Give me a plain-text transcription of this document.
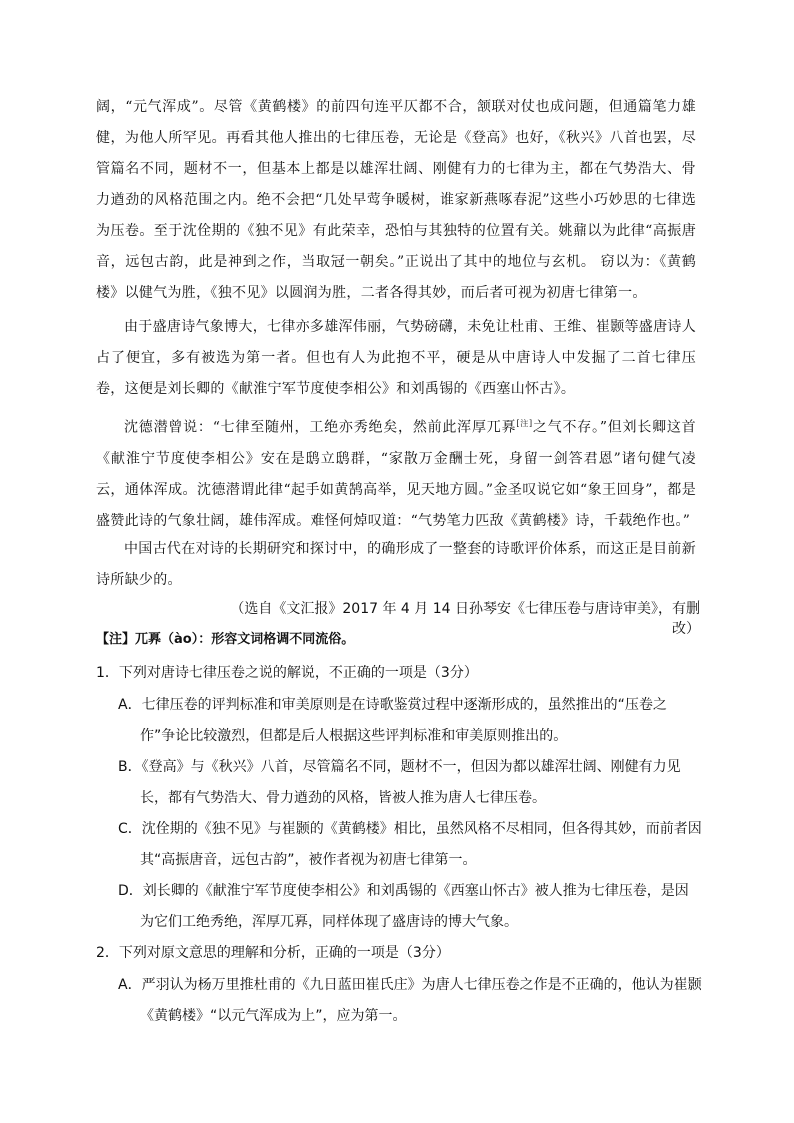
阔，“元气浑成”。尽管《黄鹤楼》的前四句连平仄都不合，颔联对仗也成问题，但通篇笔力雄健，为他人所罕见。再看其他人推出的七律压卷，无论是《登高》也好，《秋兴》八首也罢，尽管篇名不同，题材不一，但基本上都是以雄浑壮阔、刚健有力的七律为主，都在气势浩大、骨力遒劲的风格范围之内。绝不会把“几处早莺争暖树，谁家新燕啄春泥”这些小巧妙思的七律选为压卷。至于沈佺期的《独不见》有此荣幸，恐怕与其独特的位置有关。姚鼐以为此律“高振唐音，远包古韵，此是神到之作，当取冠一朝矣。”正说出了其中的地位与玄机。 窃以为：《黄鹤楼》以健气为胜，《独不见》以圆润为胜，二者各得其妙，而后者可视为初唐七律第一。
由于盛唐诗气象博大，七律亦多雄浑伟丽，气势磅礴，未免让杜甫、王维、崔颢等盛唐诗人占了便宜，多有被选为第一者。但也有人为此抱不平，硬是从中唐诗人中发掘了二首七律压卷，这便是刘长卿的《献淮宁军节度使李相公》和刘禹锡的《西塞山怀古》。
沈德潜曾说：“七律至随州，工绝亦秀绝矣，然前此浑厚兀奡[注]之气不存。”但刘长卿这首《献淮宁节度使李相公》安在是鸱立鸱群，“家散万金酬士死，身留一剑答君恩”诸句健气凌云，通体浑成。沈德潜谓此律“起手如黄鹄高举，见天地方圆。”金圣叹说它如“象王回身”，都是盛赞此诗的气象壮阔，雄伟浑成。难怪何焯叹道：“气势笔力匹敌《黄鹤楼》诗，千载绝作也。”
中国古代在对诗的长期研究和探讨中，的确形成了一整套的诗歌评价体系，而这正是目前新诗所缺少的。
（选自《文汇报》2017 年 4 月 14 日孙琴安《七律压卷与唐诗审美》，有删改）
【注】兀奡（ào）：形容文词格调不同流俗。
1．下列对唐诗七律压卷之说的解说，不正确的一项是（3分）
A．七律压卷的评判标准和审美原则是在诗歌鉴赏过程中逐渐形成的，虽然推出的“压卷之作”争论比较激烈，但都是后人根据这些评判标准和审美原则推出的。
B．《登高》与《秋兴》八首，尽管篇名不同，题材不一，但因为都以雄浑壮阔、刚健有力见长，都有气势浩大、骨力遒劲的风格，皆被人推为唐人七律压卷。
C．沈佺期的《独不见》与崔颢的《黄鹤楼》相比，虽然风格不尽相同，但各得其妙，而前者因其“高振唐音，远包古韵”，被作者视为初唐七律第一。
D．刘长卿的《献淮宁军节度使李相公》和刘禹锡的《西塞山怀古》被人推为七律压卷，是因为它们工绝秀绝，浑厚兀奡，同样体现了盛唐诗的博大气象。
2．下列对原文意思的理解和分析，正确的一项是（3分）
A．严羽认为杨万里推杜甫的《九日蓝田崔氏庄》为唐人七律压卷之作是不正确的，他认为崔颢《黄鹤楼》“以元气浑成为上”，应为第一。
